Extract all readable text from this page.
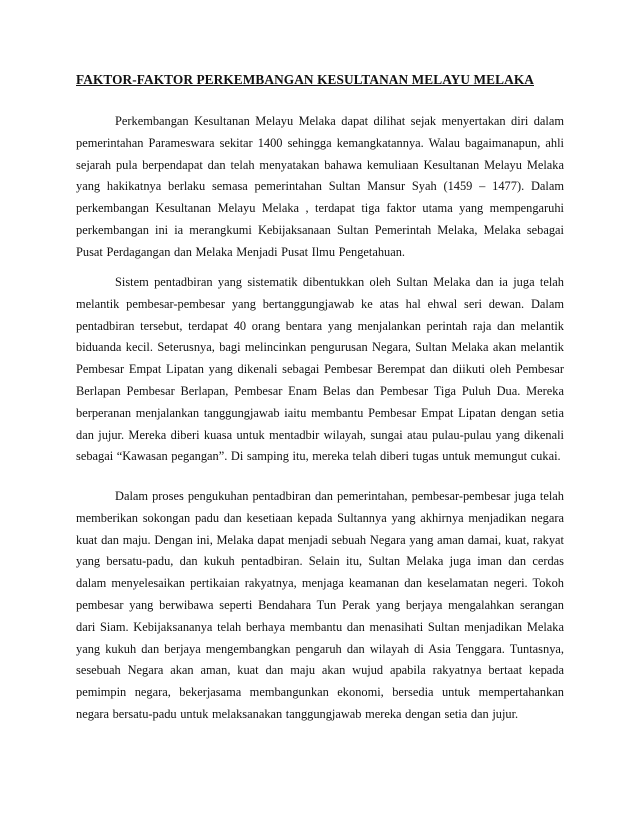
FAKTOR-FAKTOR PERKEMBANGAN KESULTANAN MELAYU MELAKA

Perkembangan Kesultanan Melayu Melaka dapat dilihat sejak menyertakan diri dalam pemerintahan Parameswara sekitar 1400 sehingga kemangkatannya. Walau bagaimanapun, ahli sejarah pula berpendapat dan telah menyatakan bahawa kemuliaan Kesultanan Melayu Melaka yang hakikatnya berlaku semasa pemerintahan Sultan Mansur Syah (1459 – 1477). Dalam perkembangan Kesultanan Melayu Melaka , terdapat tiga faktor utama yang mempengaruhi perkembangan ini ia merangkumi Kebijaksanaan Sultan Pemerintah Melaka, Melaka sebagai Pusat Perdagangan dan Melaka Menjadi Pusat Ilmu Pengetahuan.

Sistem pentadbiran yang sistematik dibentukkan oleh Sultan Melaka dan ia juga telah melantik pembesar-pembesar yang bertanggungjawab ke atas hal ehwal seri dewan. Dalam pentadbiran tersebut, terdapat 40 orang bentara yang menjalankan perintah raja dan melantik biduanda kecil. Seterusnya, bagi melincinkan pengurusan Negara, Sultan Melaka akan melantik Pembesar Empat Lipatan yang dikenali sebagai Pembesar Berempat dan diikuti oleh Pembesar Berlapan Pembesar Berlapan, Pembesar Enam Belas dan Pembesar Tiga Puluh Dua. Mereka berperanan menjalankan tanggungjawab iaitu membantu Pembesar Empat Lipatan dengan setia dan jujur. Mereka diberi kuasa untuk mentadbir wilayah, sungai atau pulau-pulau yang dikenali sebagai “Kawasan pegangan”. Di samping itu, mereka telah diberi tugas untuk memungut cukai.

Dalam proses pengukuhan pentadbiran dan pemerintahan, pembesar-pembesar juga telah memberikan sokongan padu dan kesetiaan kepada Sultannya yang akhirnya menjadikan negara kuat dan maju. Dengan ini, Melaka dapat menjadi sebuah Negara yang aman damai, kuat, rakyat yang bersatu-padu, dan kukuh pentadbiran. Selain itu, Sultan Melaka juga iman dan cerdas dalam menyelesaikan pertikaian rakyatnya, menjaga keamanan dan keselamatan negeri. Tokoh pembesar yang berwibawa seperti Bendahara Tun Perak yang berjaya mengalahkan serangan dari Siam. Kebijaksananya telah berhaya membantu dan menasihati Sultan menjadikan Melaka yang kukuh dan berjaya mengembangkan pengaruh dan wilayah di Asia Tenggara. Tuntasnya, sesebuah Negara akan aman, kuat dan maju akan wujud apabila rakyatnya bertaat kepada pemimpin negara, bekerjasama membangunkan ekonomi, bersedia untuk mempertahankan negara bersatu-padu untuk melaksanakan tanggungjawab mereka dengan setia dan jujur.
